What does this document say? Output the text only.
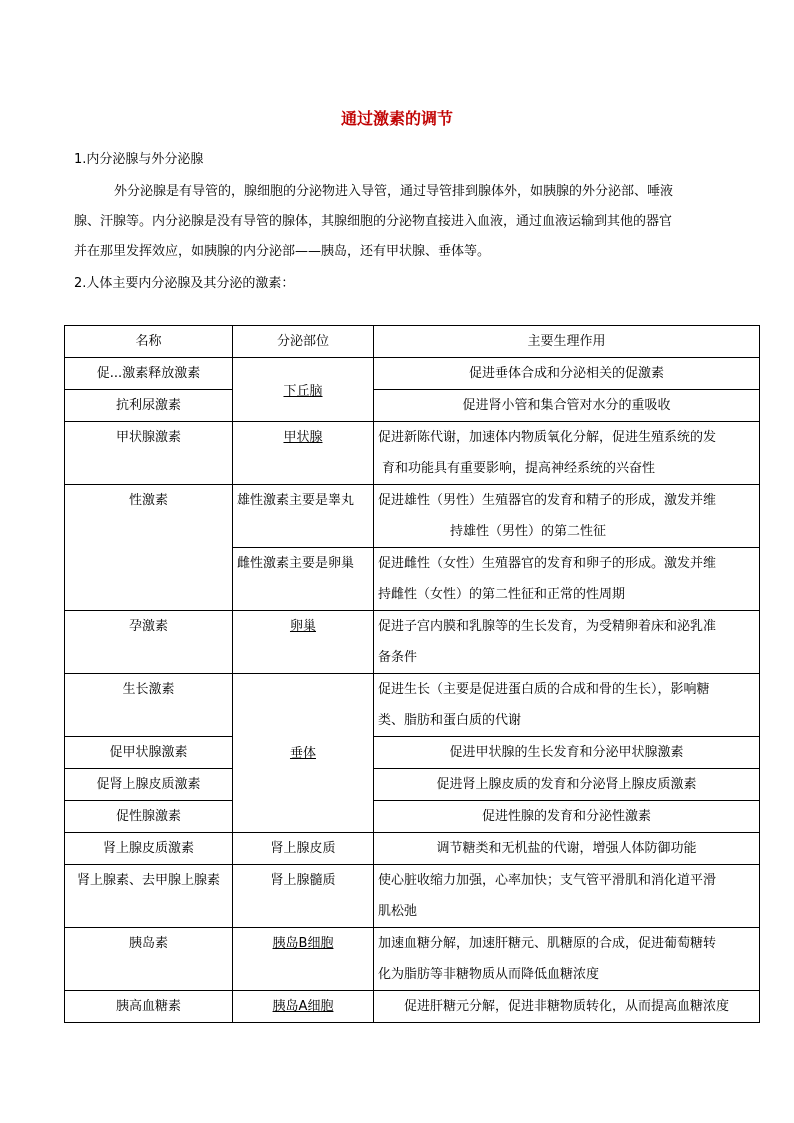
通过激素的调节
1.内分泌腺与外分泌腺
外分泌腺是有导管的，腺细胞的分泌物进入导管，通过导管排到腺体外，如胰腺的外分泌部、唾液
腺、汗腺等。内分泌腺是没有导管的腺体，其腺细胞的分泌物直接进入血液，通过血液运输到其他的器官
并在那里发挥效应，如胰腺的内分泌部——胰岛，还有甲状腺、垂体等。
2.人体主要内分泌腺及其分泌的激素：
名称	分泌部位	主要生理作用
促...激素释放激素	下丘脑	促进垂体合成和分泌相关的促激素
抗利尿激素		促进肾小管和集合管对水分的重吸收
甲状腺激素	甲状腺	促进新陈代谢，加速体内物质氧化分解，促进生殖系统的发
育和功能具有重要影响，提高神经系统的兴奋性
性激素	雄性激素主要是睾丸	促进雄性（男性）生殖器官的发育和精子的形成，激发并维
持雄性（男性）的第二性征
	雌性激素主要是卵巢	促进雌性（女性）生殖器官的发育和卵子的形成。激发并维
持雌性（女性）的第二性征和正常的性周期
孕激素	卵巢	促进子宫内膜和乳腺等的生长发育，为受精卵着床和泌乳准
备条件
生长激素	垂体	促进生长（主要是促进蛋白质的合成和骨的生长），影响糖
类、脂肪和蛋白质的代谢
促甲状腺激素		促进甲状腺的生长发育和分泌甲状腺激素
促肾上腺皮质激素		促进肾上腺皮质的发育和分泌肾上腺皮质激素
促性腺激素		促进性腺的发育和分泌性激素
肾上腺皮质激素	肾上腺皮质	调节糖类和无机盐的代谢，增强人体防御功能
肾上腺素、去甲腺上腺素	肾上腺髓质	使心脏收缩力加强，心率加快；支气管平滑肌和消化道平滑
肌松弛
胰岛素	胰岛B细胞	加速血糖分解，加速肝糖元、肌糖原的合成，促进葡萄糖转
化为脂肪等非糖物质从而降低血糖浓度
胰高血糖素	胰岛A细胞	促进肝糖元分解，促进非糖物质转化，从而提高血糖浓度
